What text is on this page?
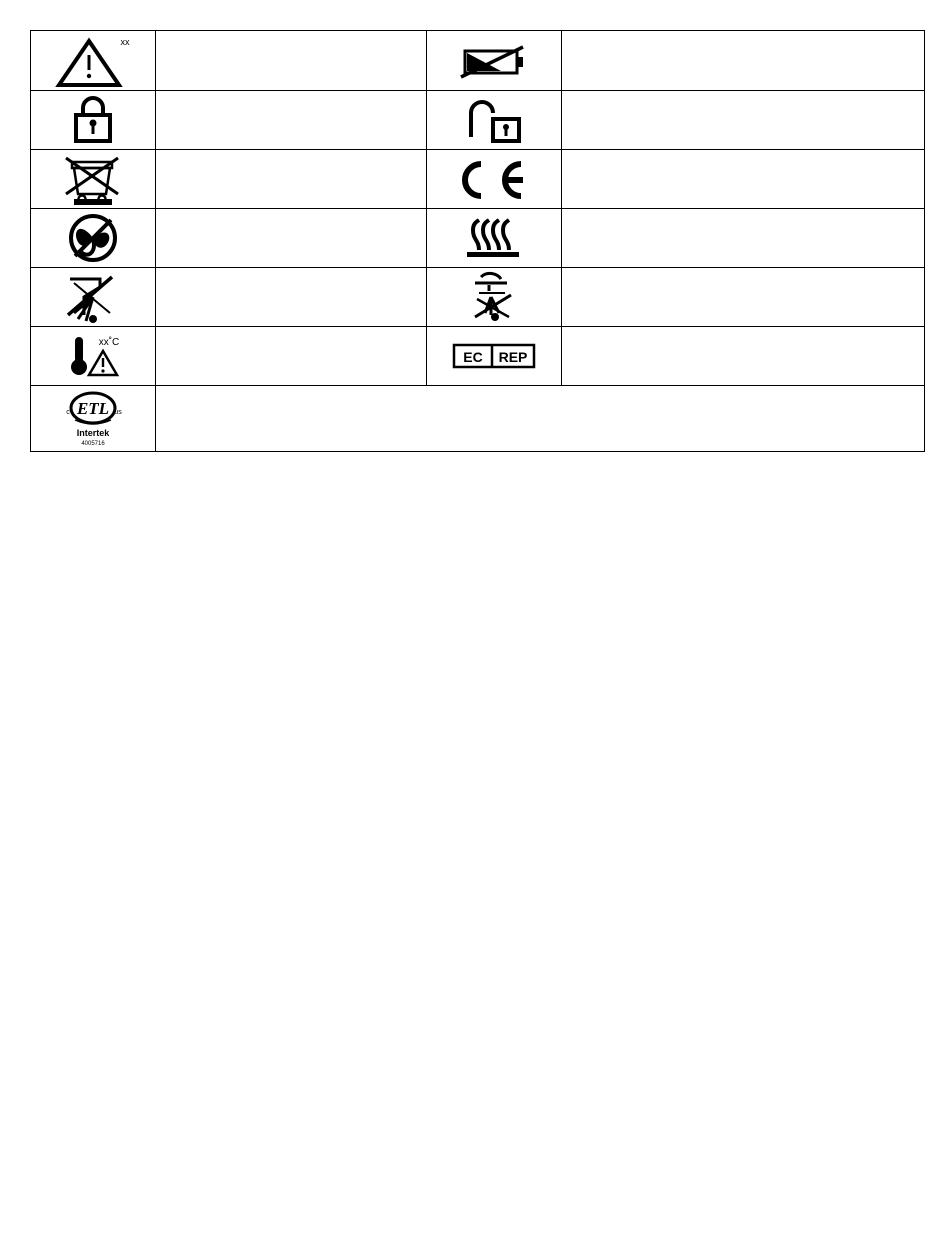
xx

xx˚C		EC REP	

ETL
c us
Intertek
4005716			
